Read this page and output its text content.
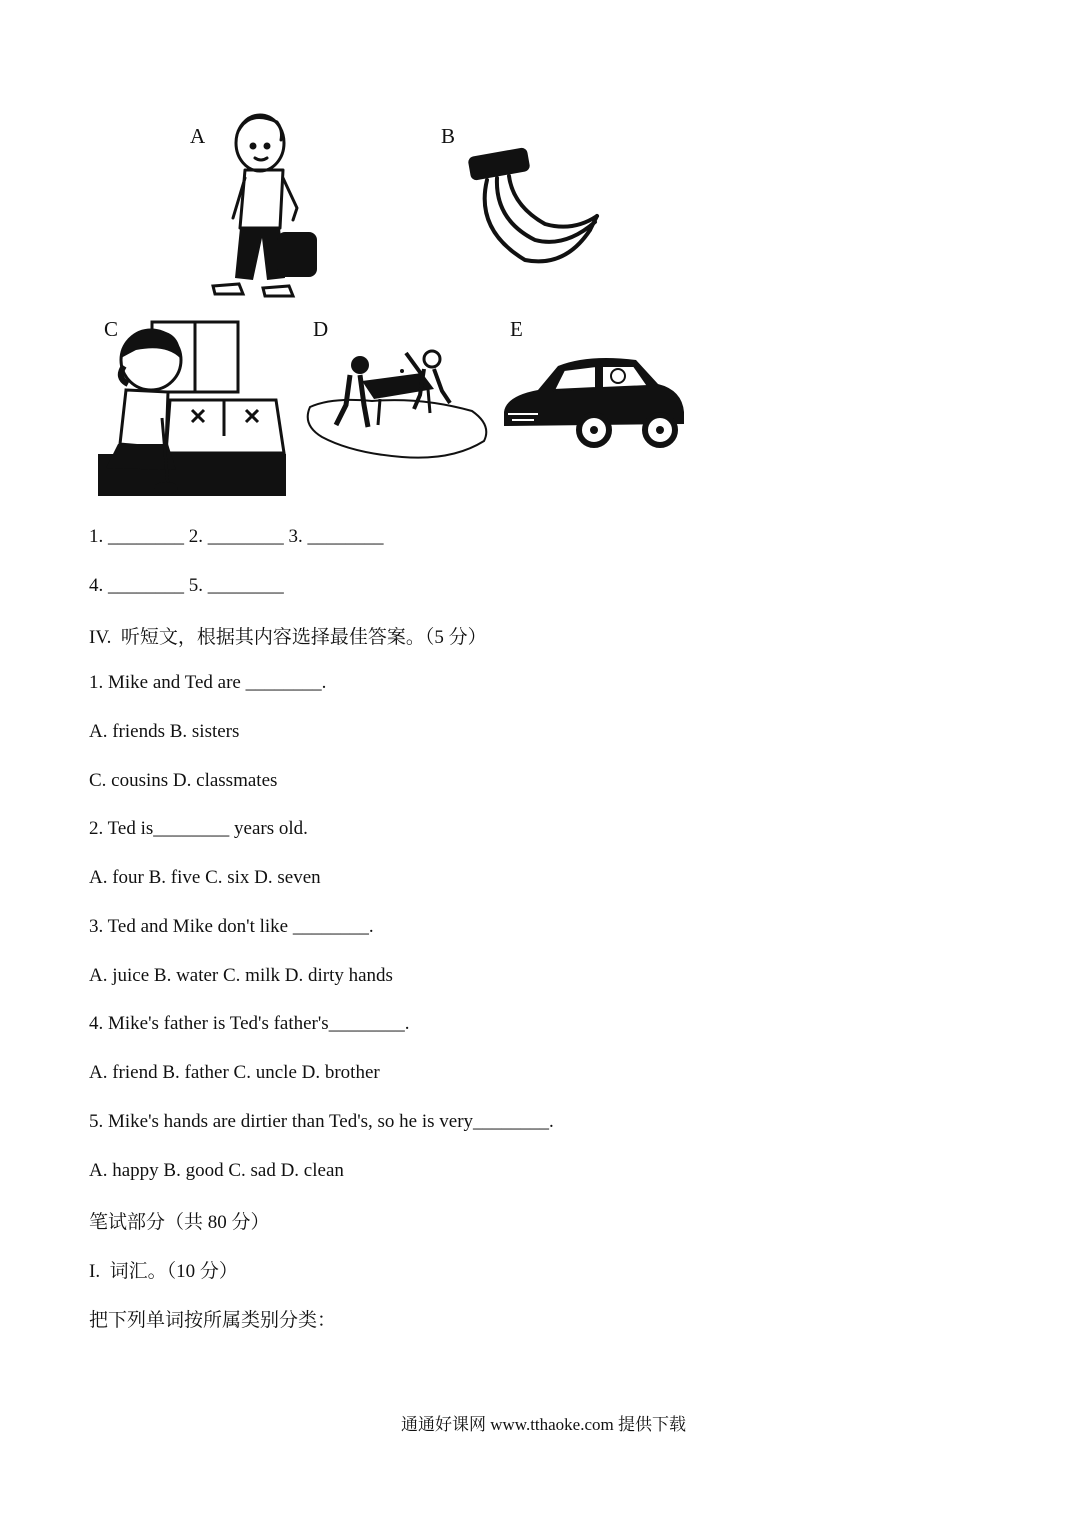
A	B
C	D	E
1. ________ 2. ________ 3. ________
4. ________ 5. ________
IV.  听短文，根据其内容选择最佳答案。（5 分）
1. Mike and Ted are ________.
A. friends B. sisters
C. cousins D. classmates
2. Ted is________ years old.
A. four B. five C. six D. seven
3. Ted and Mike don't like ________.
A. juice B. water C. milk D. dirty hands
4. Mike's father is Ted's father's________.
A. friend B. father C. uncle D. brother
5. Mike's hands are dirtier than Ted's, so he is very________.
A. happy B. good C. sad D. clean
笔试部分（共 80 分）
I.  词汇。（10 分）
把下列单词按所属类别分类：
通通好课网 www.tthaoke.com 提供下载
